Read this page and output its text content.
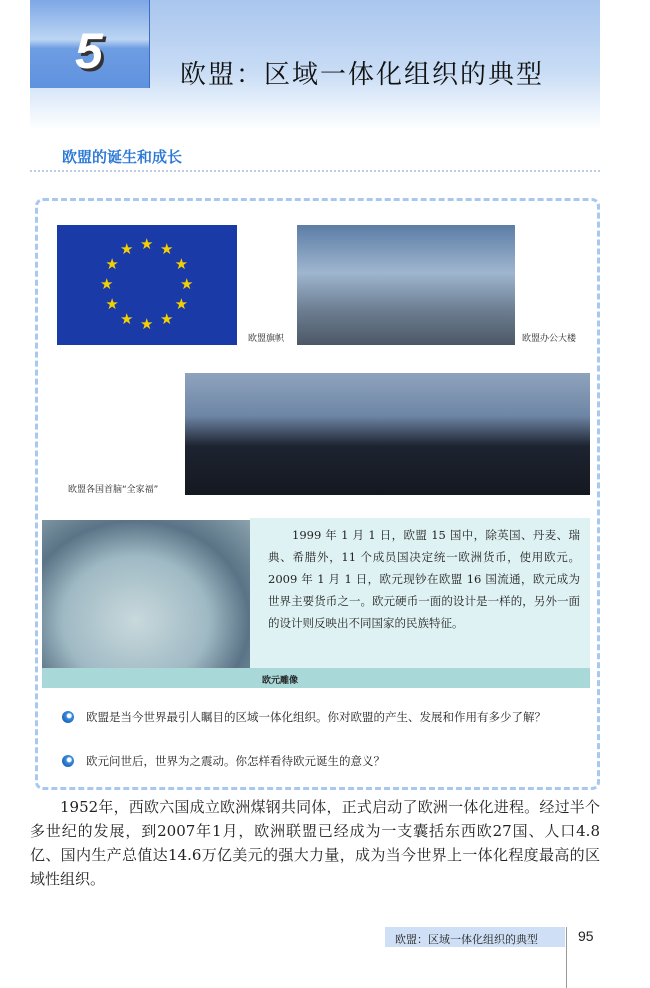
5	欧盟：区域一体化组织的典型
欧盟的诞生和成长
★ ★
★
★
★
★
★
★
★
★
★
★
欧盟旗帜	欧盟办公大楼
欧盟各国首脑“全家福”
1999 年 1 月 1 日，欧盟 15 国中，除英国、丹麦、瑞典、希腊外，11 个成员国决定统一欧洲货币，使用欧元。2009 年 1 月 1 日，欧元现钞在欧盟 16 国流通，欧元成为世界主要货币之一。欧元硬币一面的设计是一样的，另外一面的设计则反映出不同国家的民族特征。
欧元雕像
欧盟是当今世界最引人瞩目的区域一体化组织。你对欧盟的产生、发展和作用有多少了解？
欧元问世后，世界为之震动。你怎样看待欧元诞生的意义？
1952年，西欧六国成立欧洲煤钢共同体，正式启动了欧洲一体化进程。经过半个多世纪的发展，到2007年1月，欧洲联盟已经成为一支囊括东西欧27国、人口4.8亿、国内生产总值达14.6万亿美元的强大力量，成为当今世界上一体化程度最高的区域性组织。
欧盟：区域一体化组织的典型	95
